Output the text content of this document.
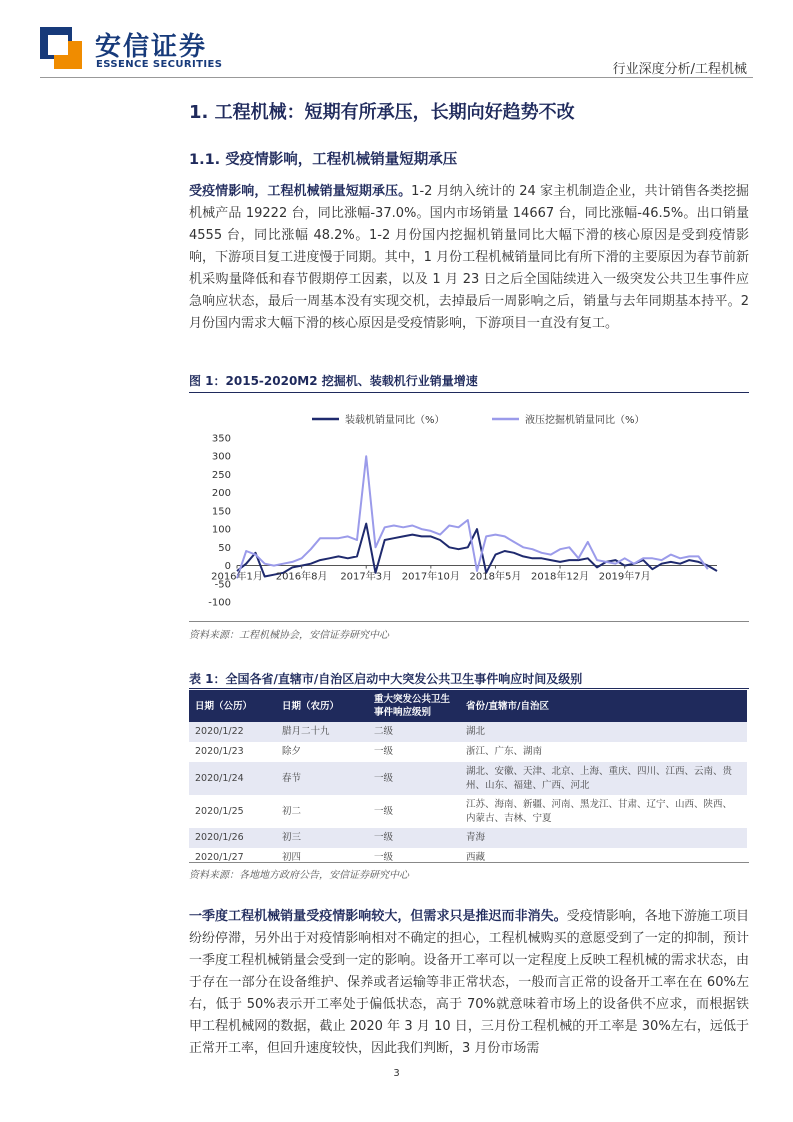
安信证券
ESSENCE SECURITIES	行业深度分析/工程机械
1. 工程机械：短期有所承压，长期向好趋势不改
1.1. 受疫情影响，工程机械销量短期承压
受疫情影响，工程机械销量短期承压。1-2 月纳入统计的 24 家主机制造企业，共计销售各类挖掘机械产品 19222 台，同比涨幅-37.0%。国内市场销量 14667 台，同比涨幅-46.5%。出口销量 4555 台，同比涨幅 48.2%。1-2 月份国内挖掘机销量同比大幅下滑的核心原因是受到疫情影响，下游项目复工进度慢于同期。其中，1 月份工程机械销量同比有所下滑的主要原因为春节前新机采购量降低和春节假期停工因素，以及 1 月 23 日之后全国陆续进入一级突发公共卫生事件应急响应状态，最后一周基本没有实现交机，去掉最后一周影响之后，销量与去年同期基本持平。2 月份国内需求大幅下滑的核心原因是受疫情影响，下游项目一直没有复工。
图 1：2015-2020M2 挖掘机、装载机行业销量增速
装载机销量同比（%）	液压挖掘机销量同比（%）
350
300
250
200
150
100
50
0
-50
-100
2016年1月 2016年8月 2017年3月 2017年10月 2018年5月 2018年12月 2019年7月
资料来源：工程机械协会，安信证券研究中心
表 1：全国各省/直辖市/自治区启动中大突发公共卫生事件响应时间及级别
日期（公历）	日期（农历）	重大突发公共卫生事件响应级别	省份/直辖市/自治区
2020/1/22	腊月二十九	二级	湖北
2020/1/23	除夕	一级	浙江、广东、湖南
2020/1/24	春节	一级	湖北、安徽、天津、北京、上海、重庆、四川、江西、云南、贵州、山东、福建、广西、河北
2020/1/25	初二	一级	江苏、海南、新疆、河南、黑龙江、甘肃、辽宁、山西、陕西、内蒙古、吉林、宁夏
2020/1/26	初三	一级	青海
2020/1/27	初四	一级	西藏
资料来源：各地地方政府公告，安信证券研究中心
一季度工程机械销量受疫情影响较大，但需求只是推迟而非消失。受疫情影响，各地下游施工项目纷纷停滞，另外出于对疫情影响相对不确定的担心，工程机械购买的意愿受到了一定的抑制，预计一季度工程机械销量会受到一定的影响。设备开工率可以一定程度上反映工程机械的需求状态，由于存在一部分在设备维护、保养或者运输等非正常状态，一般而言正常的设备开工率在在 60%左右，低于 50%表示开工率处于偏低状态，高于 70%就意味着市场上的设备供不应求，而根据铁甲工程机械网的数据，截止 2020 年 3 月 10 日，三月份工程机械的开工率是 30%左右，远低于正常开工率，但回升速度较快，因此我们判断，3 月份市场需
3
